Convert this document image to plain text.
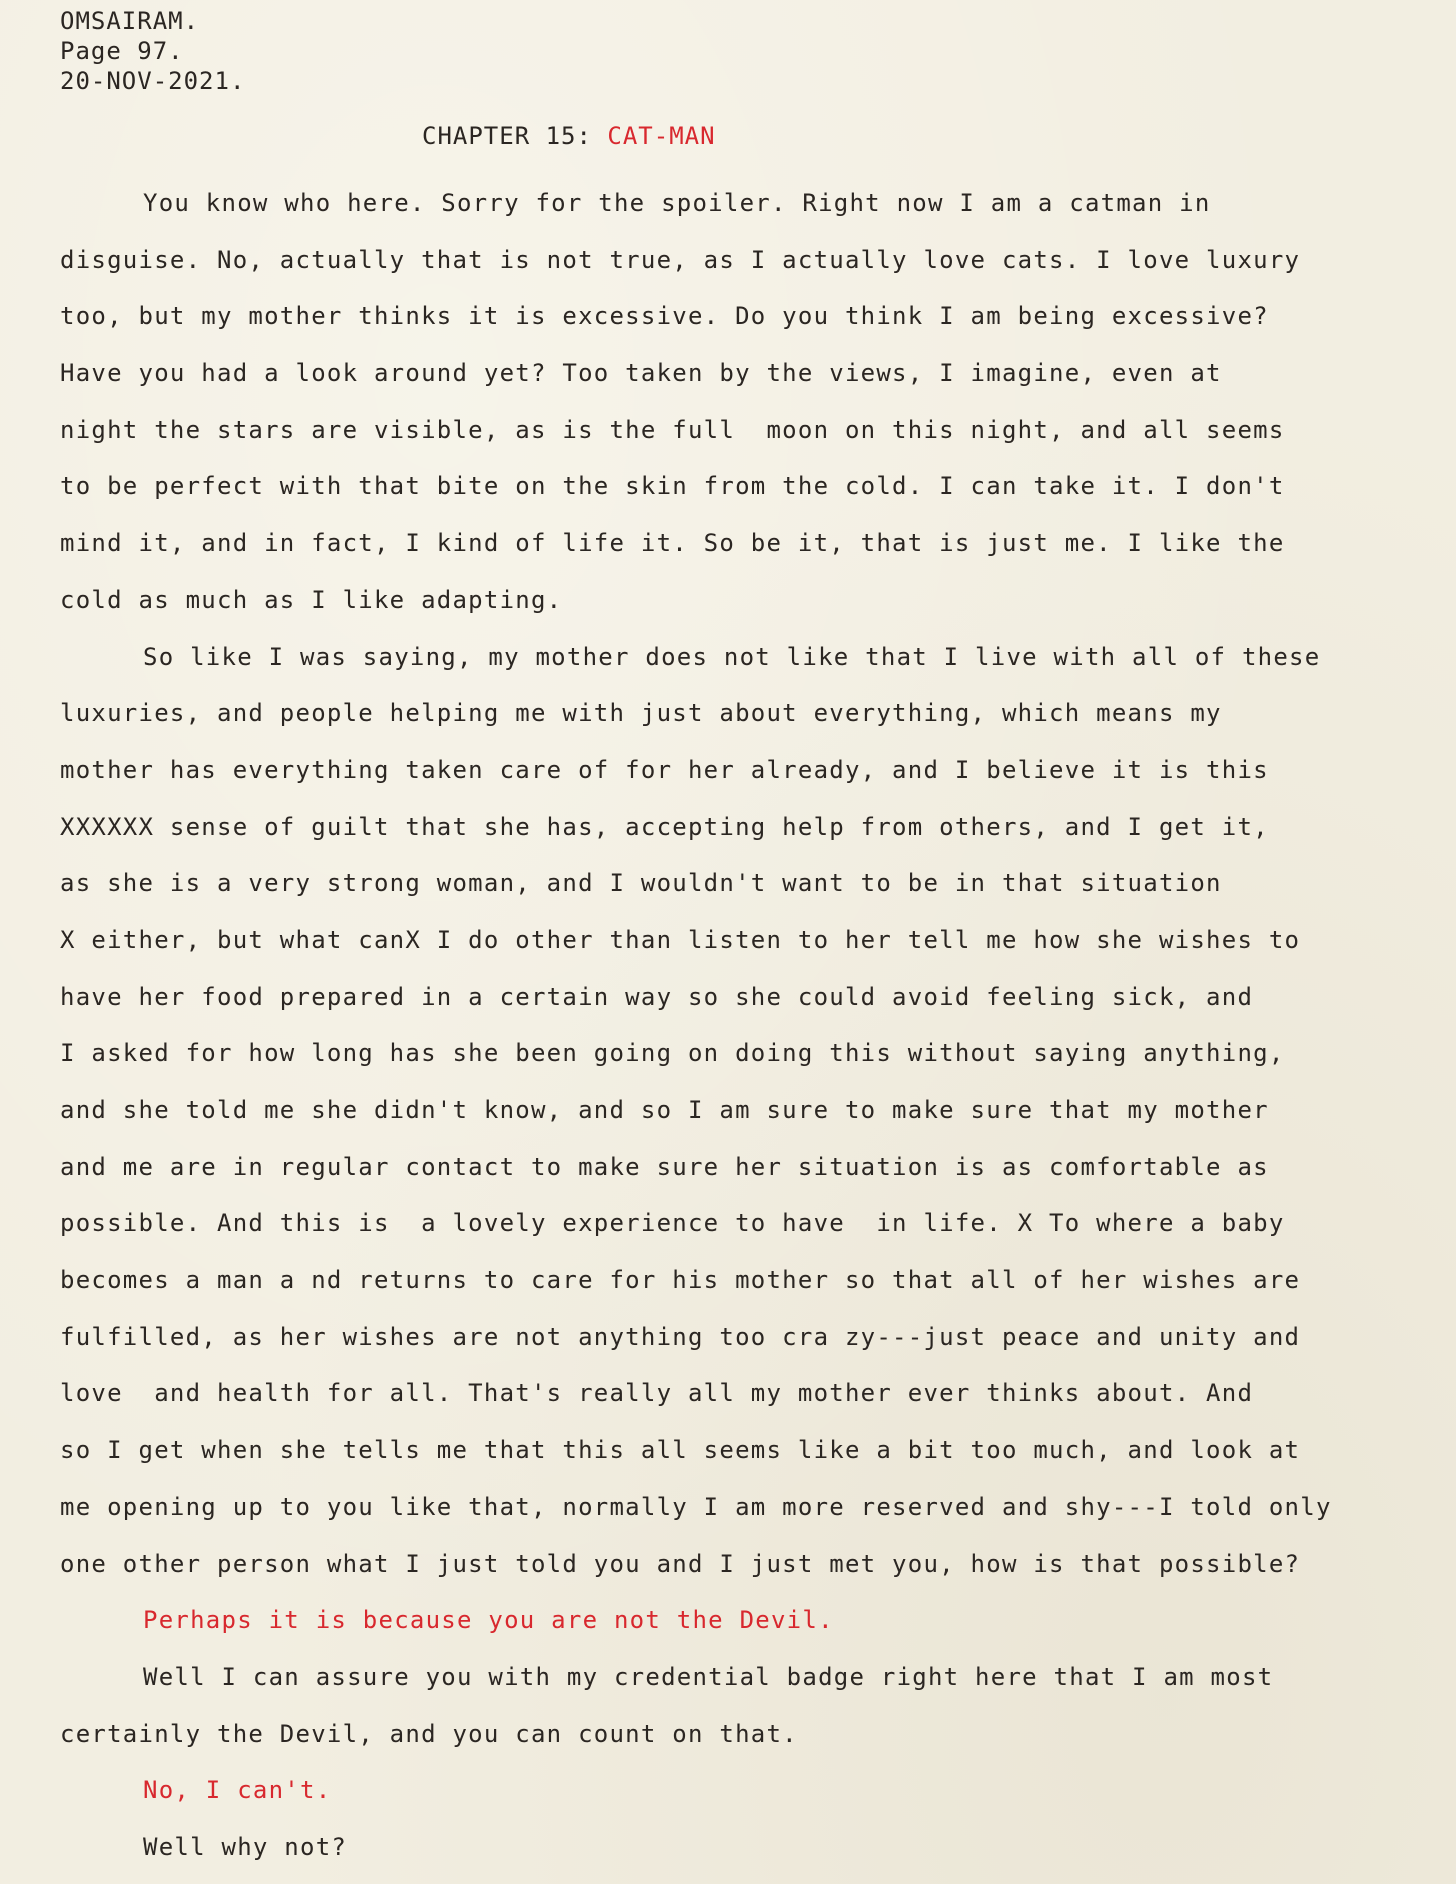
OMSAIRAM.
Page 97.
20-NOV-2021.
CHAPTER 15: CAT-MAN
You know who here. Sorry for the spoiler. Right now I am a catman in
disguise. No, actually that is not true, as I actually love cats. I love luxury
too, but my mother thinks it is excessive. Do you think I am being excessive?
Have you had a look around yet? Too taken by the views, I imagine, even at
night the stars are visible, as is the full  moon on this night, and all seems
to be perfect with that bite on the skin from the cold. I can take it. I don't
mind it, and in fact, I kind of life it. So be it, that is just me. I like the
cold as much as I like adapting.
So like I was saying, my mother does not like that I live with all of these
luxuries, and people helping me with just about everything, which means my
mother has everything taken care of for her already, and I believe it is this
XXXXXX sense of guilt that she has, accepting help from others, and I get it,
as she is a very strong woman, and I wouldn't want to be in that situation
X either, but what canX I do other than listen to her tell me how she wishes to
have her food prepared in a certain way so she could avoid feeling sick, and
I asked for how long has she been going on doing this without saying anything,
and she told me she didn't know, and so I am sure to make sure that my mother
and me are in regular contact to make sure her situation is as comfortable as
possible. And this is  a lovely experience to have  in life. X To where a baby
becomes a man a nd returns to care for his mother so that all of her wishes are
fulfilled, as her wishes are not anything too cra zy---just peace and unity and
love  and health for all. That's really all my mother ever thinks about. And
so I get when she tells me that this all seems like a bit too much, and look at
me opening up to you like that, normally I am more reserved and shy---I told only
one other person what I just told you and I just met you, how is that possible?
Perhaps it is because you are not the Devil.
Well I can assure you with my credential badge right here that I am most
certainly the Devil, and you can count on that.
No, I can't.
Well why not?
